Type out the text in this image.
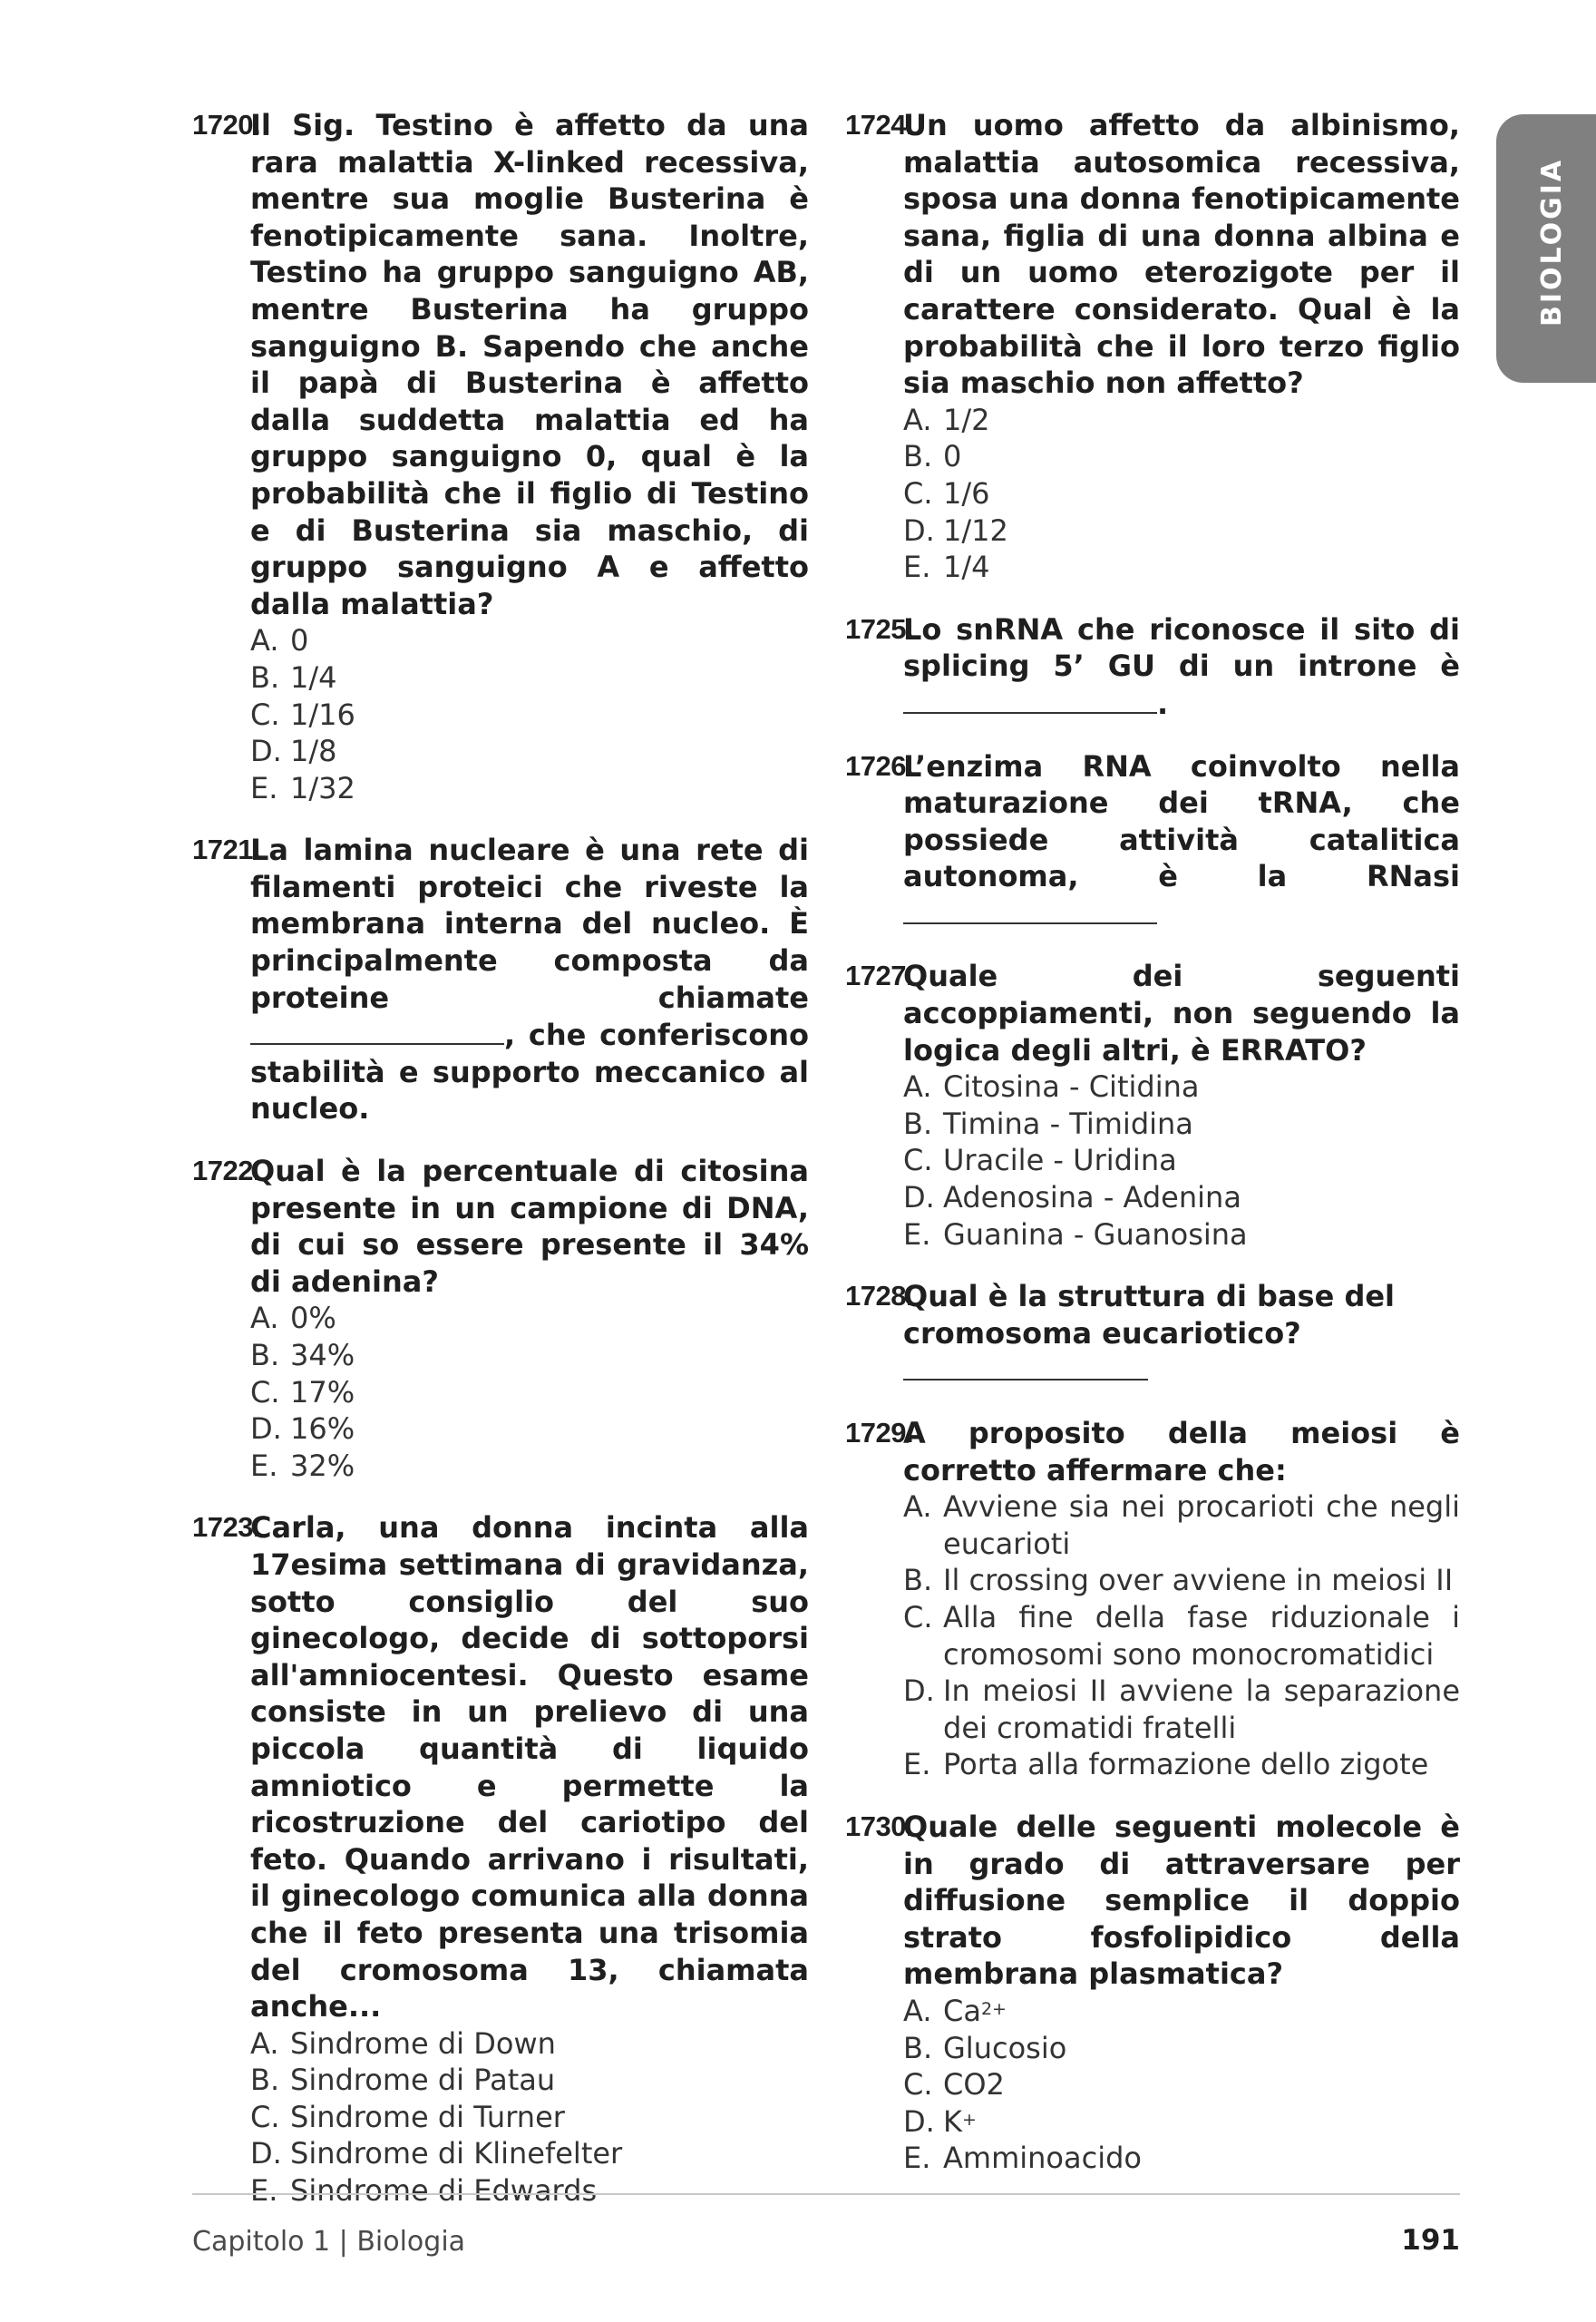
BIOLOGIA
1720.

Il Sig. Testino è affetto da una rara malattia X-linked recessiva, mentre sua moglie Busterina è fenotipicamente sana. Inoltre, Testino ha gruppo sanguigno AB, mentre Busterina ha gruppo sanguigno B. Sapendo che anche il papà di Busterina è affetto dalla suddetta malattia ed ha gruppo sanguigno 0, qual è la probabilità che il figlio di Testino e di Busterina sia maschio, di gruppo sanguigno A e affetto dalla malattia?

A. 0
B. 1/4
C. 1/16
D. 1/8
E. 1/32
1721.

La lamina nucleare è una rete di filamenti proteici che riveste la membrana interna del nucleo. È principalmente composta da proteine chiamate , che conferiscono stabilità e supporto meccanico al nucleo.

1722.

Qual è la percentuale di citosina presente in un campione di DNA, di cui so essere presente il 34% di adenina?

A. 0%
B. 34%
C. 17%
D. 16%
E. 32%
1723.

Carla, una donna incinta alla 17esima settimana di gravidanza, sotto consiglio del suo ginecologo, decide di sottoporsi all'amniocentesi. Questo esame consiste in un prelievo di una piccola quantità di liquido amniotico e permette la ricostruzione del cariotipo del feto. Quando arrivano i risultati, il ginecologo comunica alla donna che il feto presenta una trisomia del cromosoma 13, chiamata anche...

A. Sindrome di Down
B. Sindrome di Patau
C. Sindrome di Turner
D. Sindrome di Klinefelter
E. Sindrome di Edwards
1724.

Un uomo affetto da albinismo, malattia autosomica recessiva, sposa una donna fenotipicamente sana, figlia di una donna albina e di un uomo eterozigote per il carattere considerato. Qual è la probabilità che il loro terzo figlio sia maschio non affetto?

A. 1/2
B. 0
C. 1/6
D. 1/12
E. 1/4
1725.

Lo snRNA che riconosce il sito di splicing 5’ GU di un introne è .

1726.

L’enzima RNA coinvolto nella maturazione dei tRNA, che possiede attività catalitica autonoma, è la RNasi

1727.

Quale dei seguenti accoppiamenti, non seguendo la logica degli altri, è ERRATO?

A. Citosina - Citidina
B. Timina - Timidina
C. Uracile - Uridina
D. Adenosina - Adenina
E. Guanina - Guanosina
1728.

Qual è la struttura di base del cromosoma eucariotico?

1729.

A proposito della meiosi è corretto affermare che:

A. Avviene sia nei procarioti che negli eucarioti
B. Il crossing over avviene in meiosi II
C. Alla fine della fase riduzionale i cromosomi sono monocromatidici
D. In meiosi II avviene la separazione dei cromatidi fratelli
E. Porta alla formazione dello zigote
1730.

Quale delle seguenti molecole è in grado di attraversare per diffusione semplice il doppio strato fosfolipidico della membrana plasmatica?

A. $Ca^{2+}$
B. Glucosio
C. CO2
D. K+
E. Amminoacido
Capitolo 1 | Biologia	191
